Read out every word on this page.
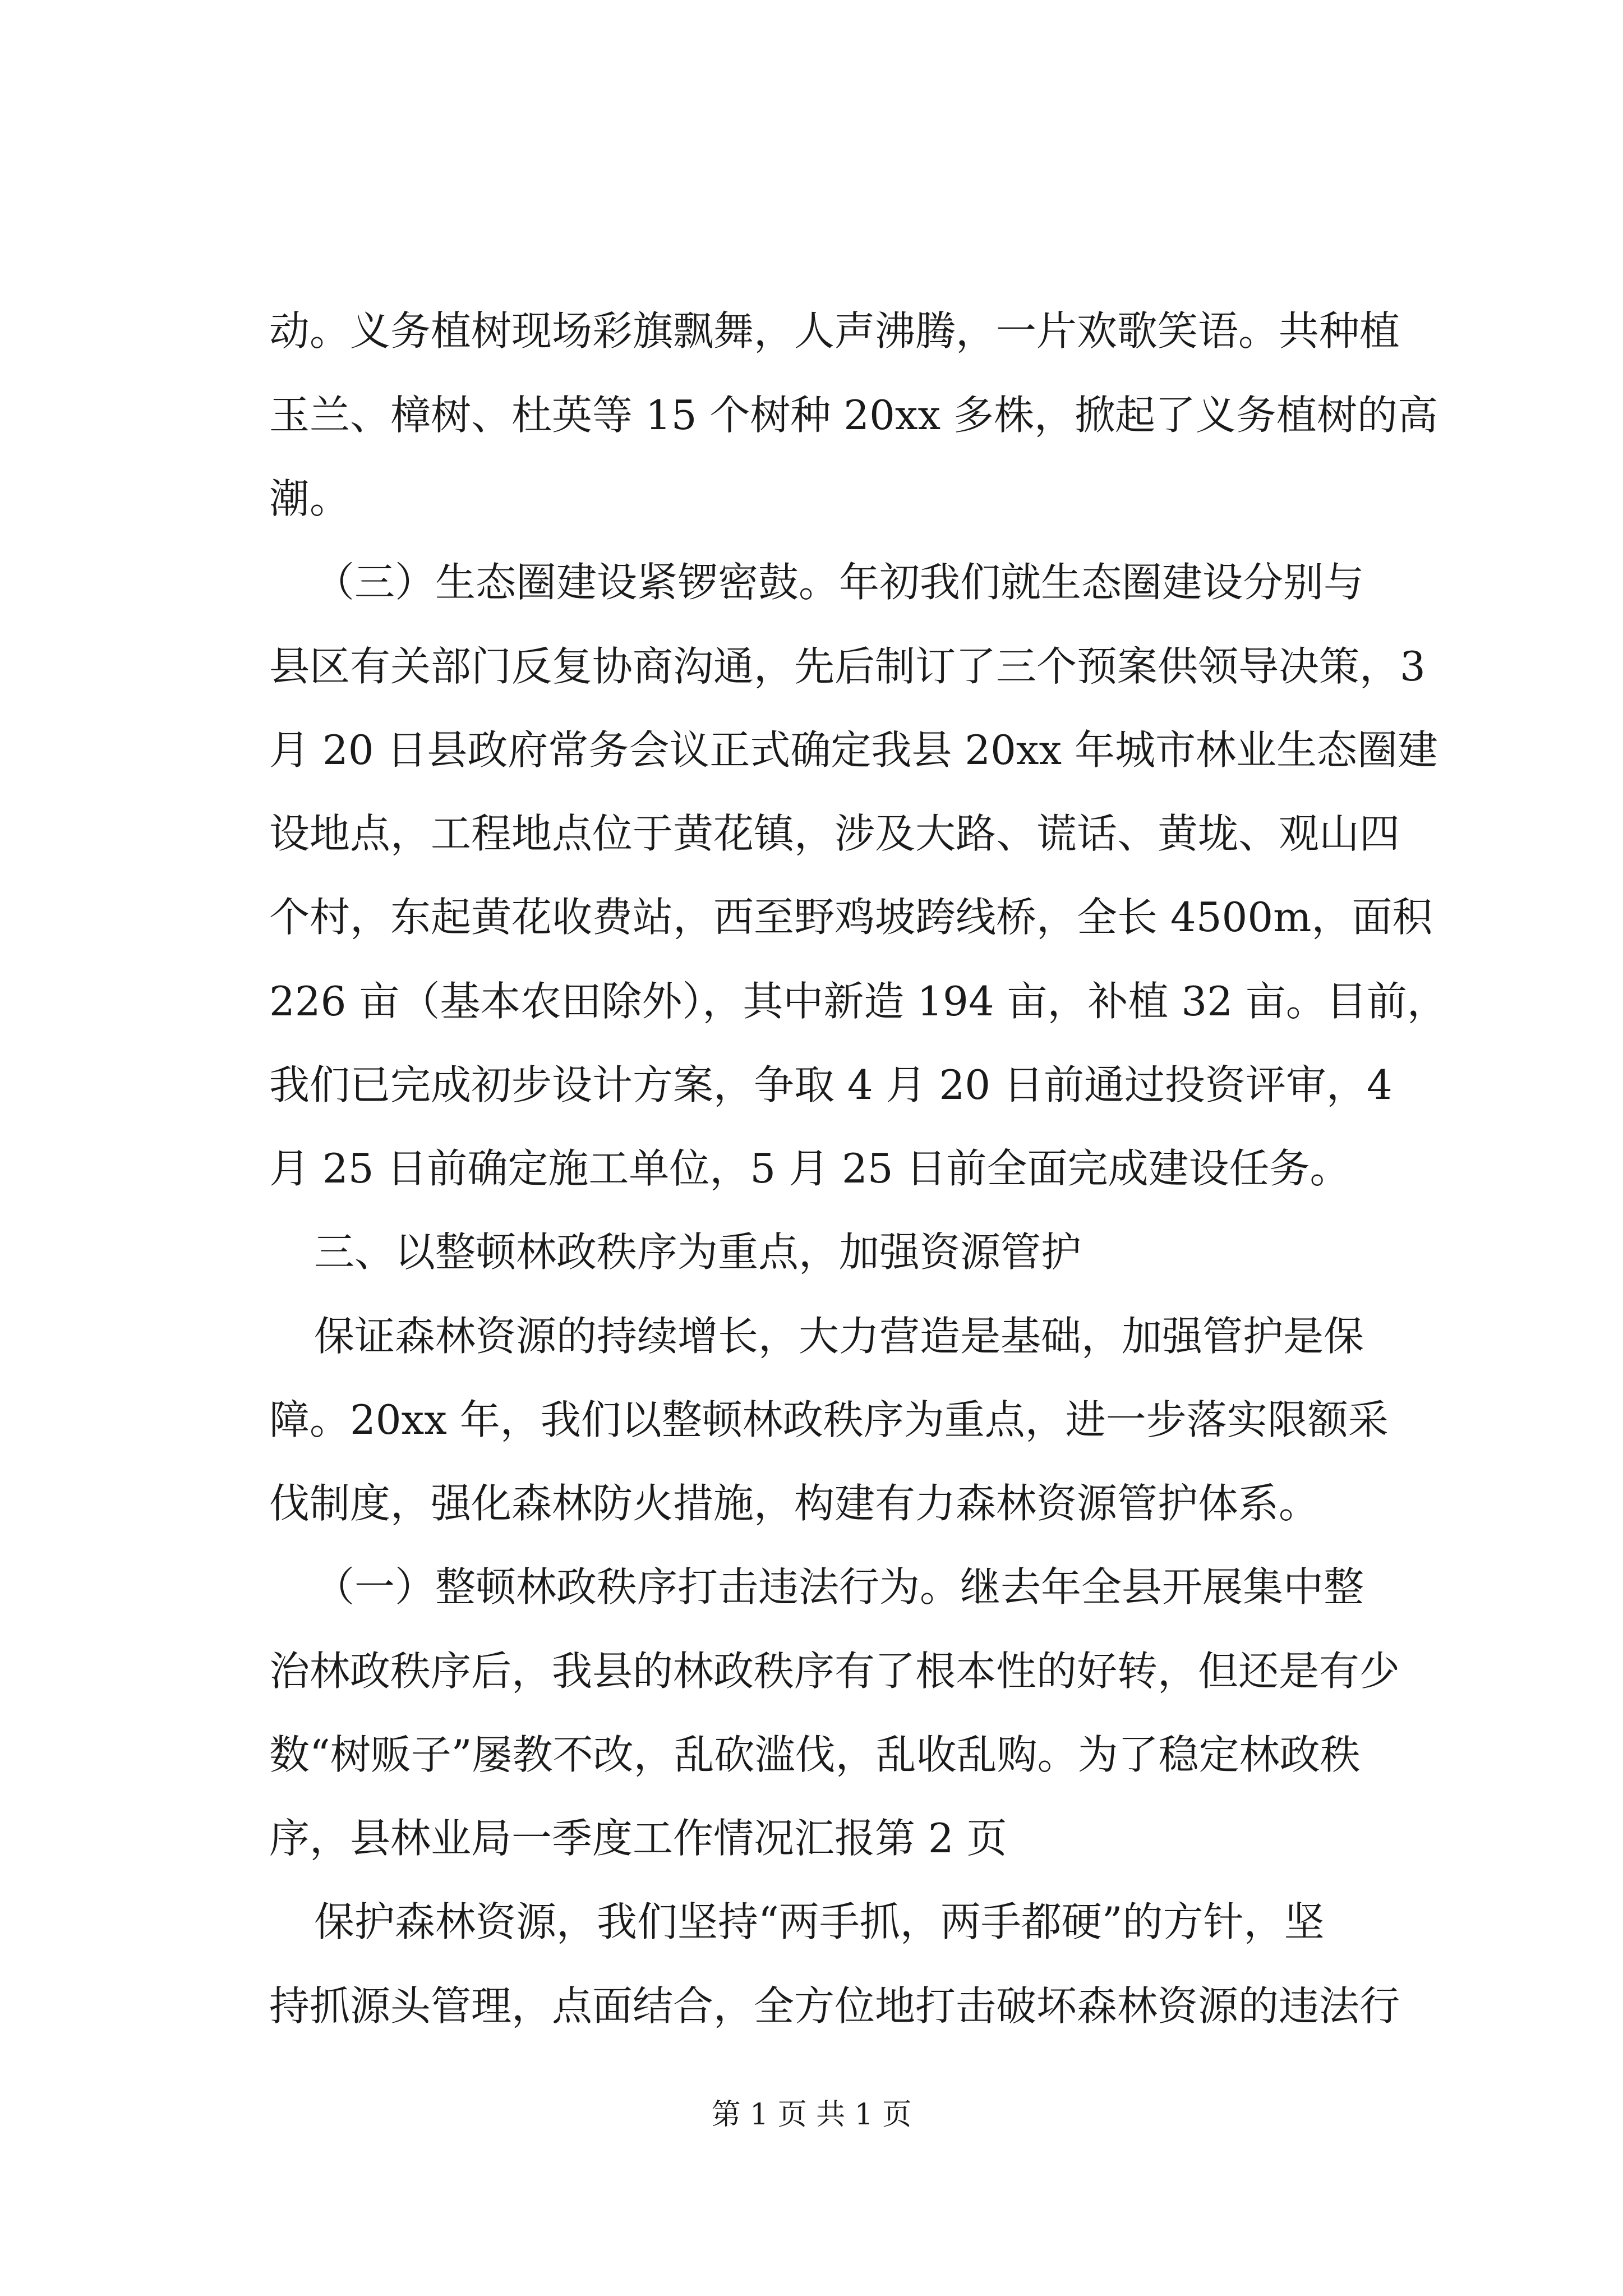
动。义务植树现场彩旗飘舞，人声沸腾，一片欢歌笑语。共种植
玉兰、樟树、杜英等 15 个树种 20xx 多株，掀起了义务植树的高
潮。
（三）生态圈建设紧锣密鼓。年初我们就生态圈建设分别与
县区有关部门反复协商沟通，先后制订了三个预案供领导决策，3
月 20 日县政府常务会议正式确定我县 20xx 年城市林业生态圈建
设地点，工程地点位于黄花镇，涉及大路、谎话、黄垅、观山四
个村，东起黄花收费站，西至野鸡坡跨线桥，全长 4500m，面积
226 亩（基本农田除外），其中新造 194 亩，补植 32 亩。目前，
我们已完成初步设计方案，争取 4 月 20 日前通过投资评审，4
月 25 日前确定施工单位，5 月 25 日前全面完成建设任务。
三、以整顿林政秩序为重点，加强资源管护
保证森林资源的持续增长，大力营造是基础，加强管护是保
障。20xx 年，我们以整顿林政秩序为重点，进一步落实限额采
伐制度，强化森林防火措施，构建有力森林资源管护体系。
（一）整顿林政秩序打击违法行为。继去年全县开展集中整
治林政秩序后，我县的林政秩序有了根本性的好转，但还是有少
数“树贩子”屡教不改，乱砍滥伐，乱收乱购。为了稳定林政秩
序，县林业局一季度工作情况汇报第 2 页
保护森林资源，我们坚持“两手抓，两手都硬”的方针，坚
持抓源头管理，点面结合，全方位地打击破坏森林资源的违法行
第 1 页 共 1 页
